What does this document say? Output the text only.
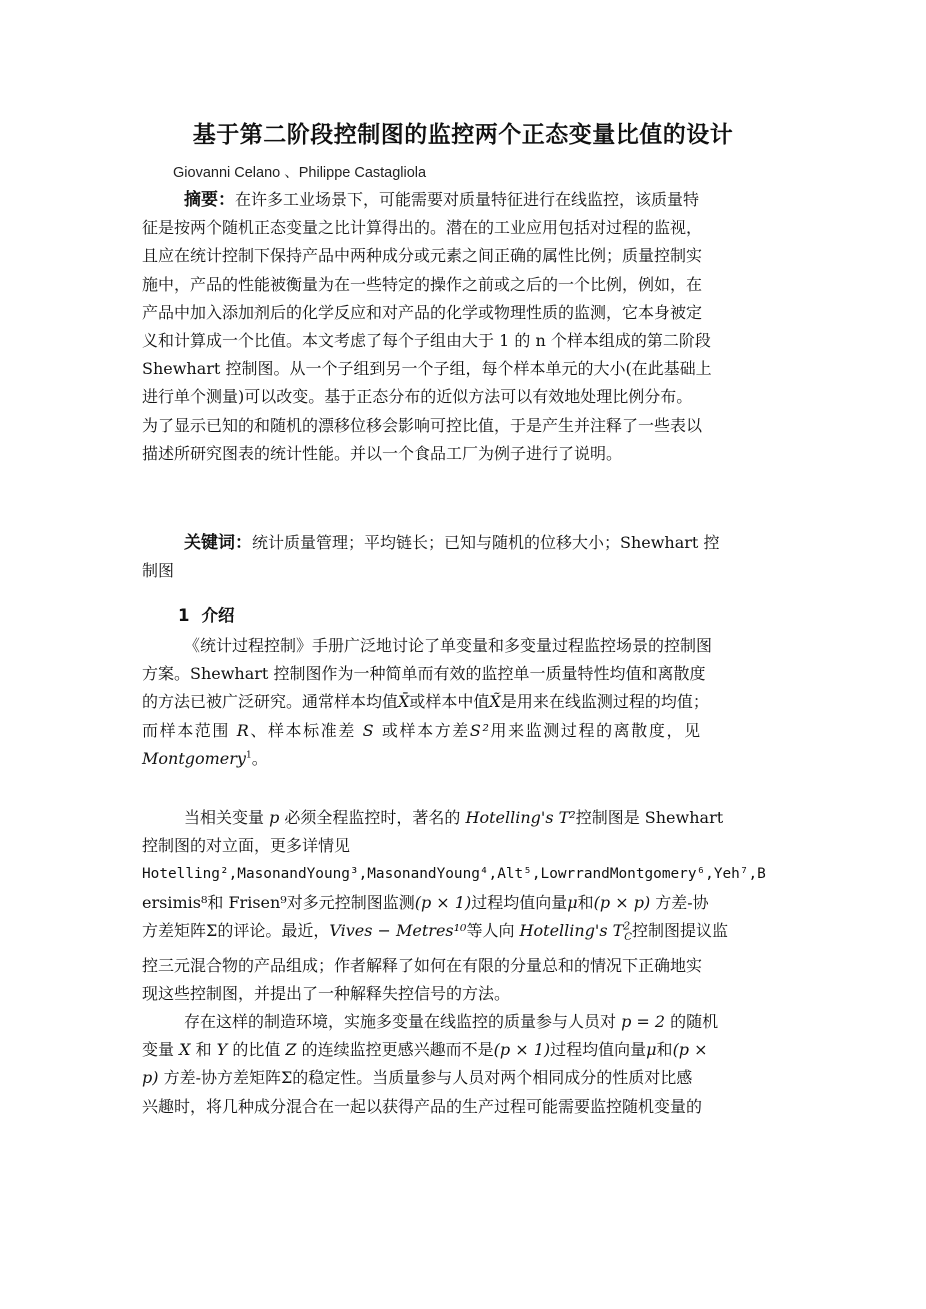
基于第二阶段控制图的监控两个正态变量比值的设计
Giovanni Celano 、Philippe Castagliola
摘要：在许多工业场景下，可能需要对质量特征进行在线监控，该质量特
征是按两个随机正态变量之比计算得出的。潜在的工业应用包括对过程的监视，
且应在统计控制下保持产品中两种成分或元素之间正确的属性比例；质量控制实
施中，产品的性能被衡量为在一些特定的操作之前或之后的一个比例，例如，在
产品中加入添加剂后的化学反应和对产品的化学或物理性质的监测，它本身被定
义和计算成一个比值。本文考虑了每个子组由大于 1 的 n 个样本组成的第二阶段
Shewhart 控制图。从一个子组到另一个子组，每个样本单元的大小(在此基础上
进行单个测量)可以改变。基于正态分布的近似方法可以有效地处理比例分布。
为了显示已知的和随机的漂移位移会影响可控比值，于是产生并注释了一些表以
描述所研究图表的统计性能。并以一个食品工厂为例子进行了说明。
关键词：统计质量管理；平均链长；已知与随机的位移大小；Shewhart 控
制图
1 介绍
《统计过程控制》手册广泛地讨论了单变量和多变量过程监控场景的控制图
方案。Shewhart 控制图作为一种简单而有效的监控单一质量特性均值和离散度
的方法已被广泛研究。通常样本均值X̄或样本中值X̃是用来在线监测过程的均值；
而样本范围 R、样本标准差 S 或样本方差S²用来监测过程的离散度，见
Montgomery$^1$。
当相关变量 p 必须全程监控时，著名的 Hotelling's T²控制图是 Shewhart
控制图的对立面，更多详情见
Hotelling²,MasonandYoung³,MasonandYoung⁴,Alt⁵,LowrrandMontgomery⁶,Yeh⁷,B
ersimis⁸和 Frisen⁹对多元控制图监测(p × 1)过程均值向量μ和(p × p) 方差-协
方差矩阵Σ的评论。最近，Vives − Metres¹⁰等人向 Hotelling's $T^2_C$控制图提议监
控三元混合物的产品组成；作者解释了如何在有限的分量总和的情况下正确地实
现这些控制图，并提出了一种解释失控信号的方法。
存在这样的制造环境，实施多变量在线监控的质量参与人员对 p = 2 的随机
变量 X 和 Y 的比值 Z 的连续监控更感兴趣而不是(p × 1)过程均值向量μ和(p ×
p) 方差-协方差矩阵Σ的稳定性。当质量参与人员对两个相同成分的性质对比感
兴趣时，将几种成分混合在一起以获得产品的生产过程可能需要监控随机变量的
